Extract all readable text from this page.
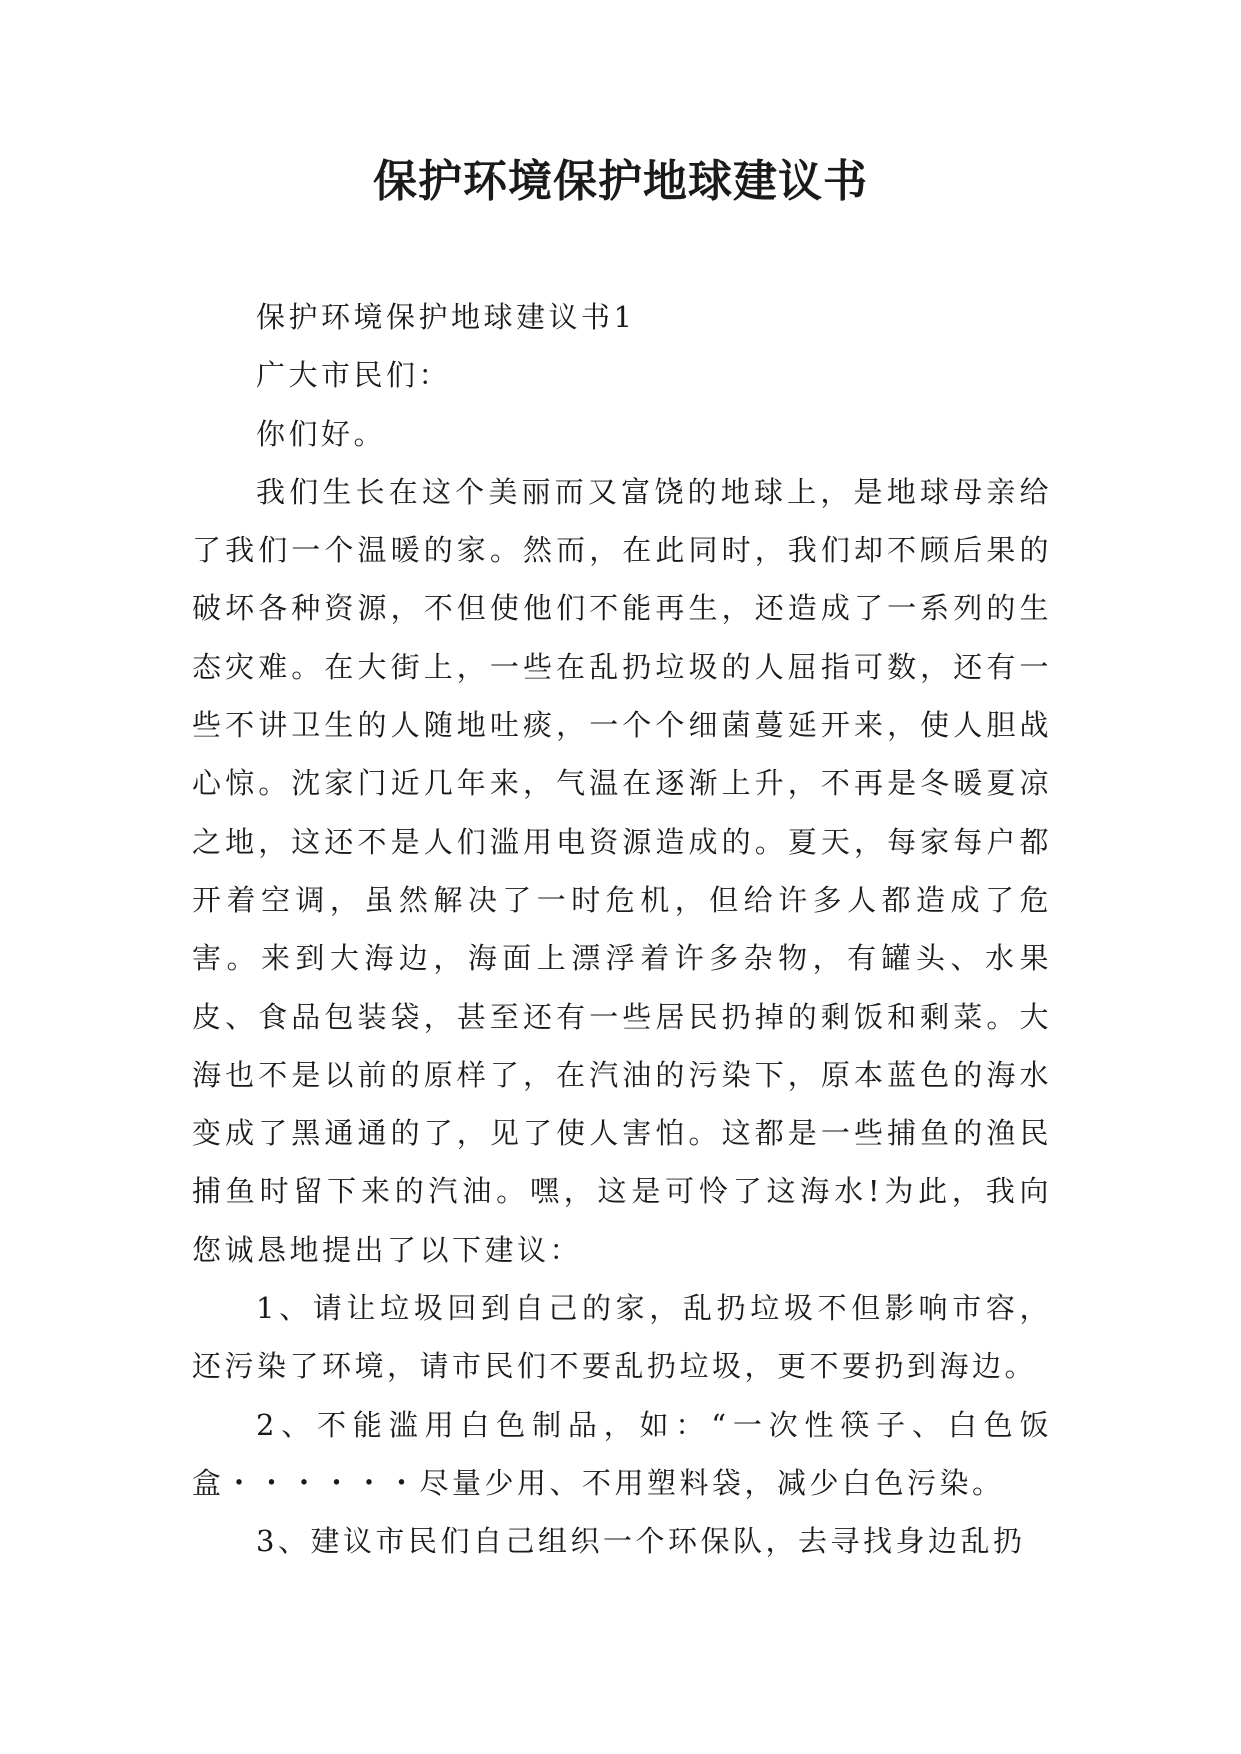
保护环境保护地球建议书

保护环境保护地球建议书1

广大市民们：

你们好。

我们生长在这个美丽而又富饶的地球上，是地球母亲给了我们一个温暖的家。然而，在此同时，我们却不顾后果的破坏各种资源，不但使他们不能再生，还造成了一系列的生态灾难。在大街上，一些在乱扔垃圾的人屈指可数，还有一些不讲卫生的人随地吐痰，一个个细菌蔓延开来，使人胆战心惊。沈家门近几年来，气温在逐渐上升，不再是冬暖夏凉之地，这还不是人们滥用电资源造成的。夏天，每家每户都开着空调，虽然解决了一时危机，但给许多人都造成了危害。来到大海边，海面上漂浮着许多杂物，有罐头、水果皮、食品包装袋，甚至还有一些居民扔掉的剩饭和剩菜。大海也不是以前的原样了，在汽油的污染下，原本蓝色的海水变成了黑通通的了，见了使人害怕。这都是一些捕鱼的渔民捕鱼时留下来的汽油。嘿，这是可怜了这海水!为此，我向您诚恳地提出了以下建议：

1、请让垃圾回到自己的家，乱扔垃圾不但影响市容，还污染了环境，请市民们不要乱扔垃圾，更不要扔到海边。

2、不能滥用白色制品，如：“一次性筷子、白色饭盒・・・・・・尽量少用、不用塑料袋，减少白色污染。

3、建议市民们自己组织一个环保队，去寻找身边乱扔
